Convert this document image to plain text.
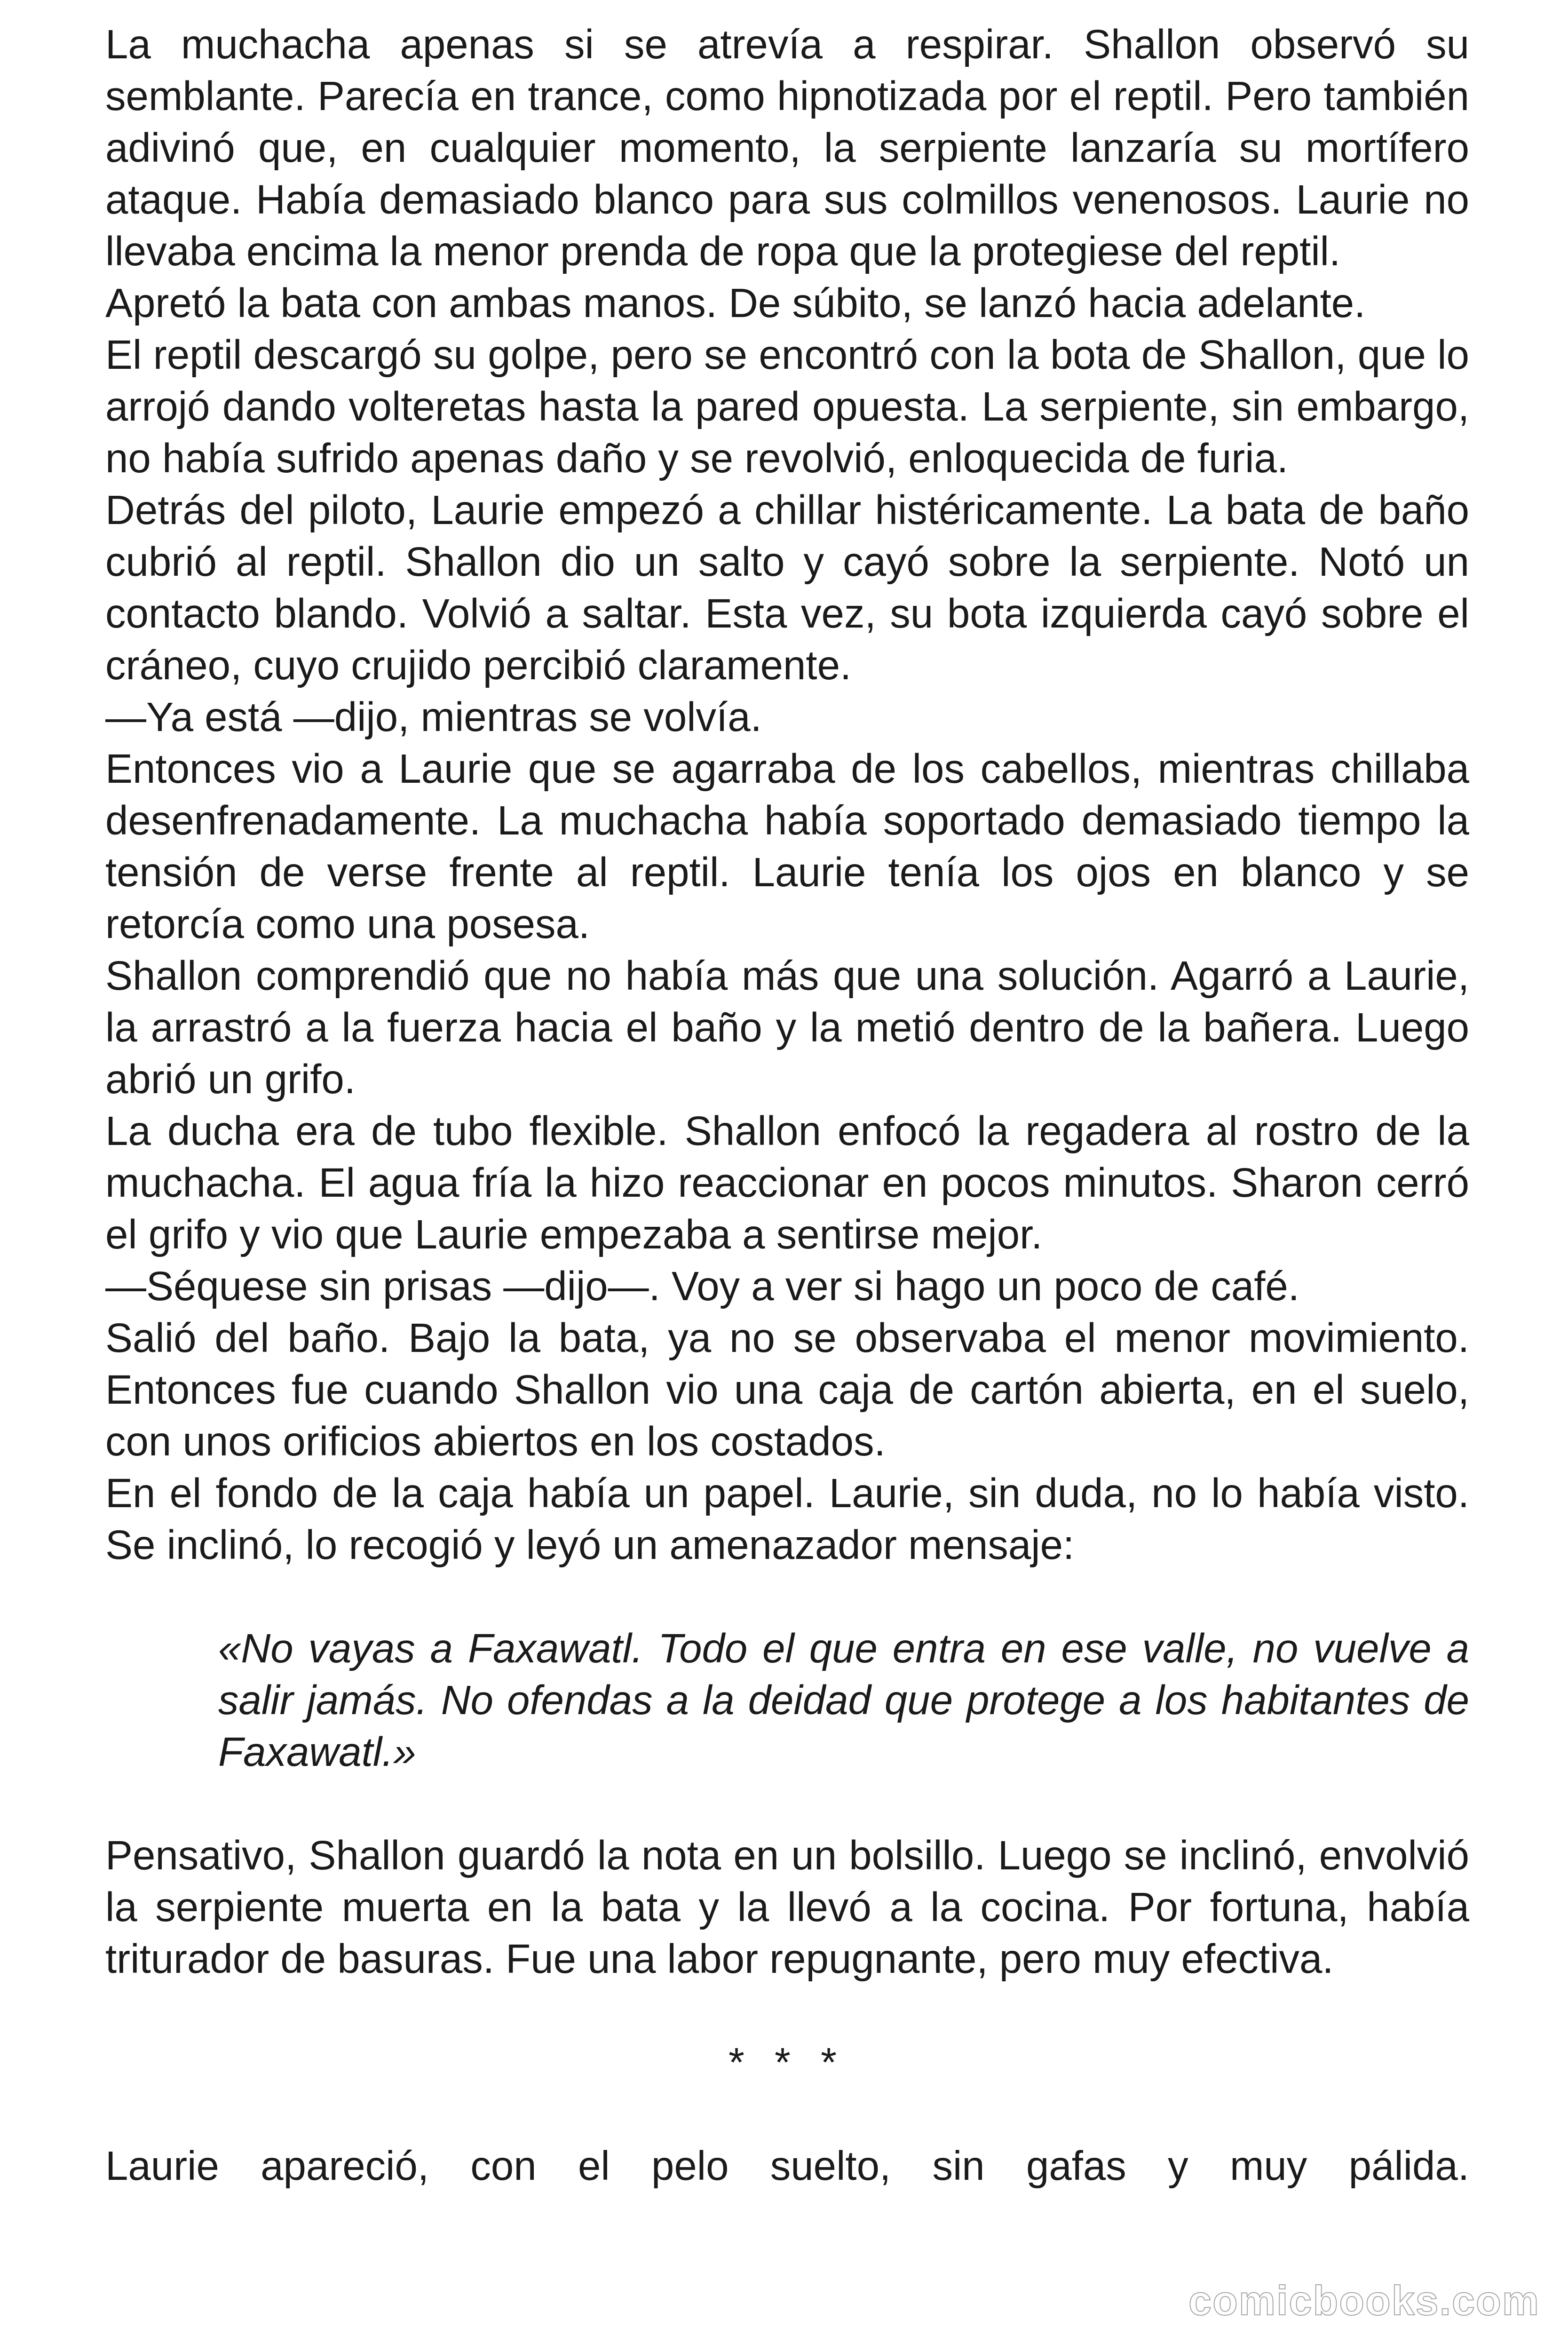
La muchacha apenas si se atrevía a respirar. Shallon observó su semblante. Parecía en trance, como hipnotizada por el reptil. Pero también adivinó que, en cualquier momento, la serpiente lanzaría su mortífero ataque. Había demasiado blanco para sus colmillos venenosos. Laurie no llevaba encima la menor prenda de ropa que la protegiese del reptil.

Apretó la bata con ambas manos. De súbito, se lanzó hacia adelante.

El reptil descargó su golpe, pero se encontró con la bota de Shallon, que lo arrojó dando volteretas hasta la pared opuesta. La serpiente, sin embargo, no había sufrido apenas daño y se revolvió, enloquecida de furia.

Detrás del piloto, Laurie empezó a chillar histéricamente. La bata de baño cubrió al reptil. Shallon dio un salto y cayó sobre la serpiente. Notó un contacto blando. Volvió a saltar. Esta vez, su bota izquierda cayó sobre el cráneo, cuyo crujido percibió claramente.

—Ya está —dijo, mientras se volvía.

Entonces vio a Laurie que se agarraba de los cabellos, mientras chillaba desenfrenadamente. La muchacha había soportado demasiado tiempo la tensión de verse frente al reptil. Laurie tenía los ojos en blanco y se retorcía como una posesa.

Shallon comprendió que no había más que una solución. Agarró a Laurie, la arrastró a la fuerza hacia el baño y la metió dentro de la bañera. Luego abrió un grifo.

La ducha era de tubo flexible. Shallon enfocó la regadera al rostro de la muchacha. El agua fría la hizo reaccionar en pocos minutos. Sharon cerró el grifo y vio que Laurie empezaba a sentirse mejor.

—Séquese sin prisas —dijo—. Voy a ver si hago un poco de café.

Salió del baño. Bajo la bata, ya no se observaba el menor movimiento. Entonces fue cuando Shallon vio una caja de cartón abierta, en el suelo, con unos orificios abiertos en los costados.

En el fondo de la caja había un papel. Laurie, sin duda, no lo había visto. Se inclinó, lo recogió y leyó un amenazador mensaje:

«No vayas a Faxawatl. Todo el que entra en ese valle, no vuelve a salir jamás. No ofendas a la deidad que protege a los habitantes de Faxawatl.»

Pensativo, Shallon guardó la nota en un bolsillo. Luego se inclinó, envolvió la serpiente muerta en la bata y la llevó a la cocina. Por fortuna, había triturador de basuras. Fue una labor repugnante, pero muy efectiva.

* * *

Laurie apareció, con el pelo suelto, sin gafas y muy pálida.

comicbooks.com
